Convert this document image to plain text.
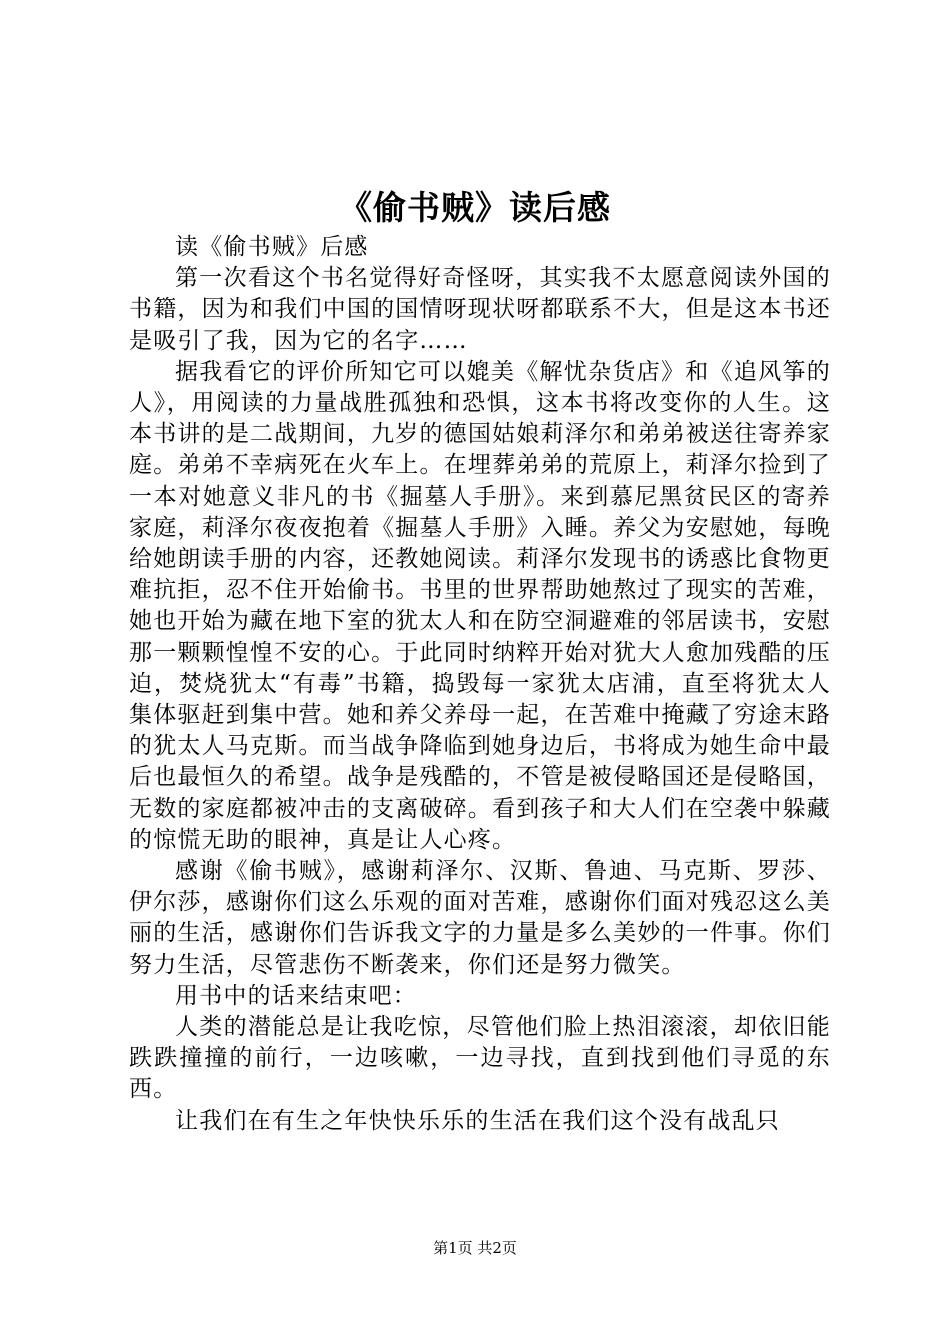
《偷书贼》读后感

读《偷书贼》后感

第一次看这个书名觉得好奇怪呀，其实我不太愿意阅读外国的书籍，因为和我们中国的国情呀现状呀都联系不大，但是这本书还是吸引了我，因为它的名字……

据我看它的评价所知它可以媲美《解忧杂货店》和《追风筝的人》，用阅读的力量战胜孤独和恐惧，这本书将改变你的人生。这本书讲的是二战期间，九岁的德国姑娘莉泽尔和弟弟被送往寄养家庭。弟弟不幸病死在火车上。在埋葬弟弟的荒原上，莉泽尔捡到了一本对她意义非凡的书《掘墓人手册》。来到慕尼黑贫民区的寄养家庭，莉泽尔夜夜抱着《掘墓人手册》入睡。养父为安慰她，每晚给她朗读手册的内容，还教她阅读。莉泽尔发现书的诱惑比食物更难抗拒，忍不住开始偷书。书里的世界帮助她熬过了现实的苦难，她也开始为藏在地下室的犹太人和在防空洞避难的邻居读书，安慰那一颗颗惶惶不安的心。于此同时纳粹开始对犹大人愈加残酷的压迫，焚烧犹太“有毒”书籍，捣毁每一家犹太店浦，直至将犹太人集体驱赶到集中营。她和养父养母一起，在苦难中掩藏了穷途末路的犹太人马克斯。而当战争降临到她身边后，书将成为她生命中最后也最恒久的希望。战争是残酷的，不管是被侵略国还是侵略国，无数的家庭都被冲击的支离破碎。看到孩子和大人们在空袭中躲藏的惊慌无助的眼神，真是让人心疼。

感谢《偷书贼》，感谢莉泽尔、汉斯、鲁迪、马克斯、罗莎、伊尔莎，感谢你们这么乐观的面对苦难，感谢你们面对残忍这么美丽的生活，感谢你们告诉我文字的力量是多么美妙的一件事。你们努力生活，尽管悲伤不断袭来，你们还是努力微笑。

用书中的话来结束吧：

人类的潜能总是让我吃惊，尽管他们脸上热泪滚滚，却依旧能跌跌撞撞的前行，一边咳嗽，一边寻找，直到找到他们寻觅的东西。

让我们在有生之年快快乐乐的生活在我们这个没有战乱只

第1页 共2页
